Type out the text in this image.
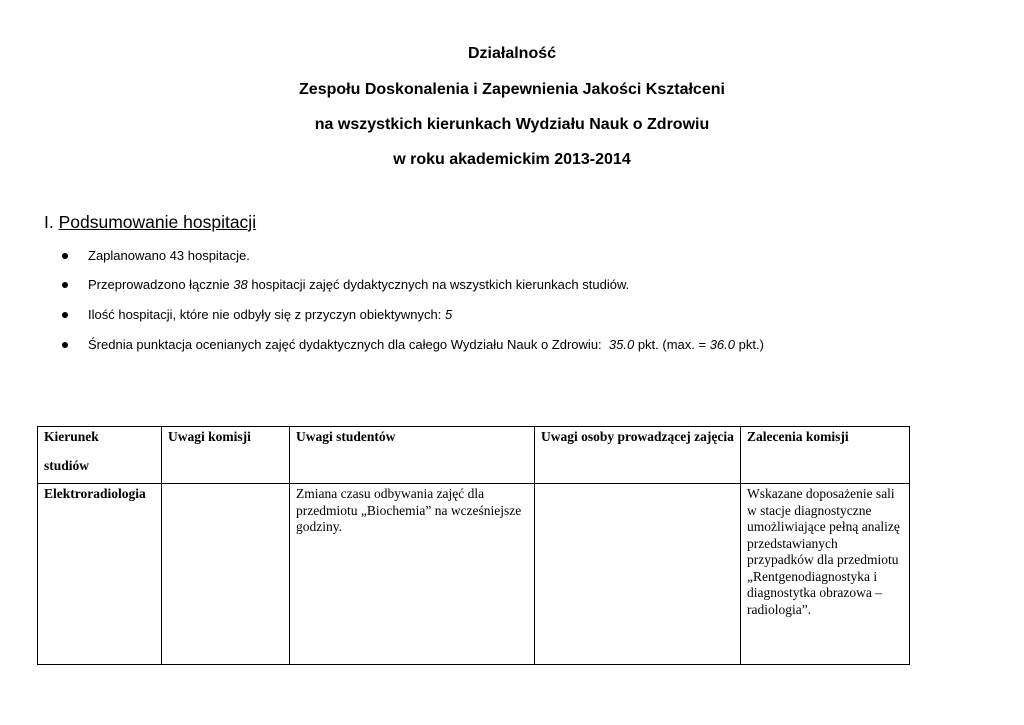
Działalność
Zespołu Doskonalenia i Zapewnienia Jakości Kształceni
na wszystkich kierunkach Wydziału Nauk o Zdrowiu
w roku akademickim 2013-2014
I. Podsumowanie hospitacji
Zaplanowano 43 hospitacje.
Przeprowadzono łącznie 38 hospitacji zajęć dydaktycznych na wszystkich kierunkach studiów.
Ilość hospitacji, które nie odbyły się z przyczyn obiektywnych: 5
Średnia punktacja ocenianych zajęć dydaktycznych dla całego Wydziału Nauk o Zdrowiu:  35.0 pkt. (max. = 36.0 pkt.)
Kierunek
studiów	Uwagi komisji	Uwagi studentów	Uwagi osoby prowadzącej zajęcia	Zalecenia komisji
Elektroradiologia		Zmiana czasu odbywania zajęć dla przedmiotu „Biochemia” na wcześniejsze godziny.		Wskazane doposażenie sali w stacje diagnostyczne umożliwiające pełną analizę przedstawianych przypadków dla przedmiotu „Rentgenodiagnostyka i diagnostytka obrazowa – radiologia”.
